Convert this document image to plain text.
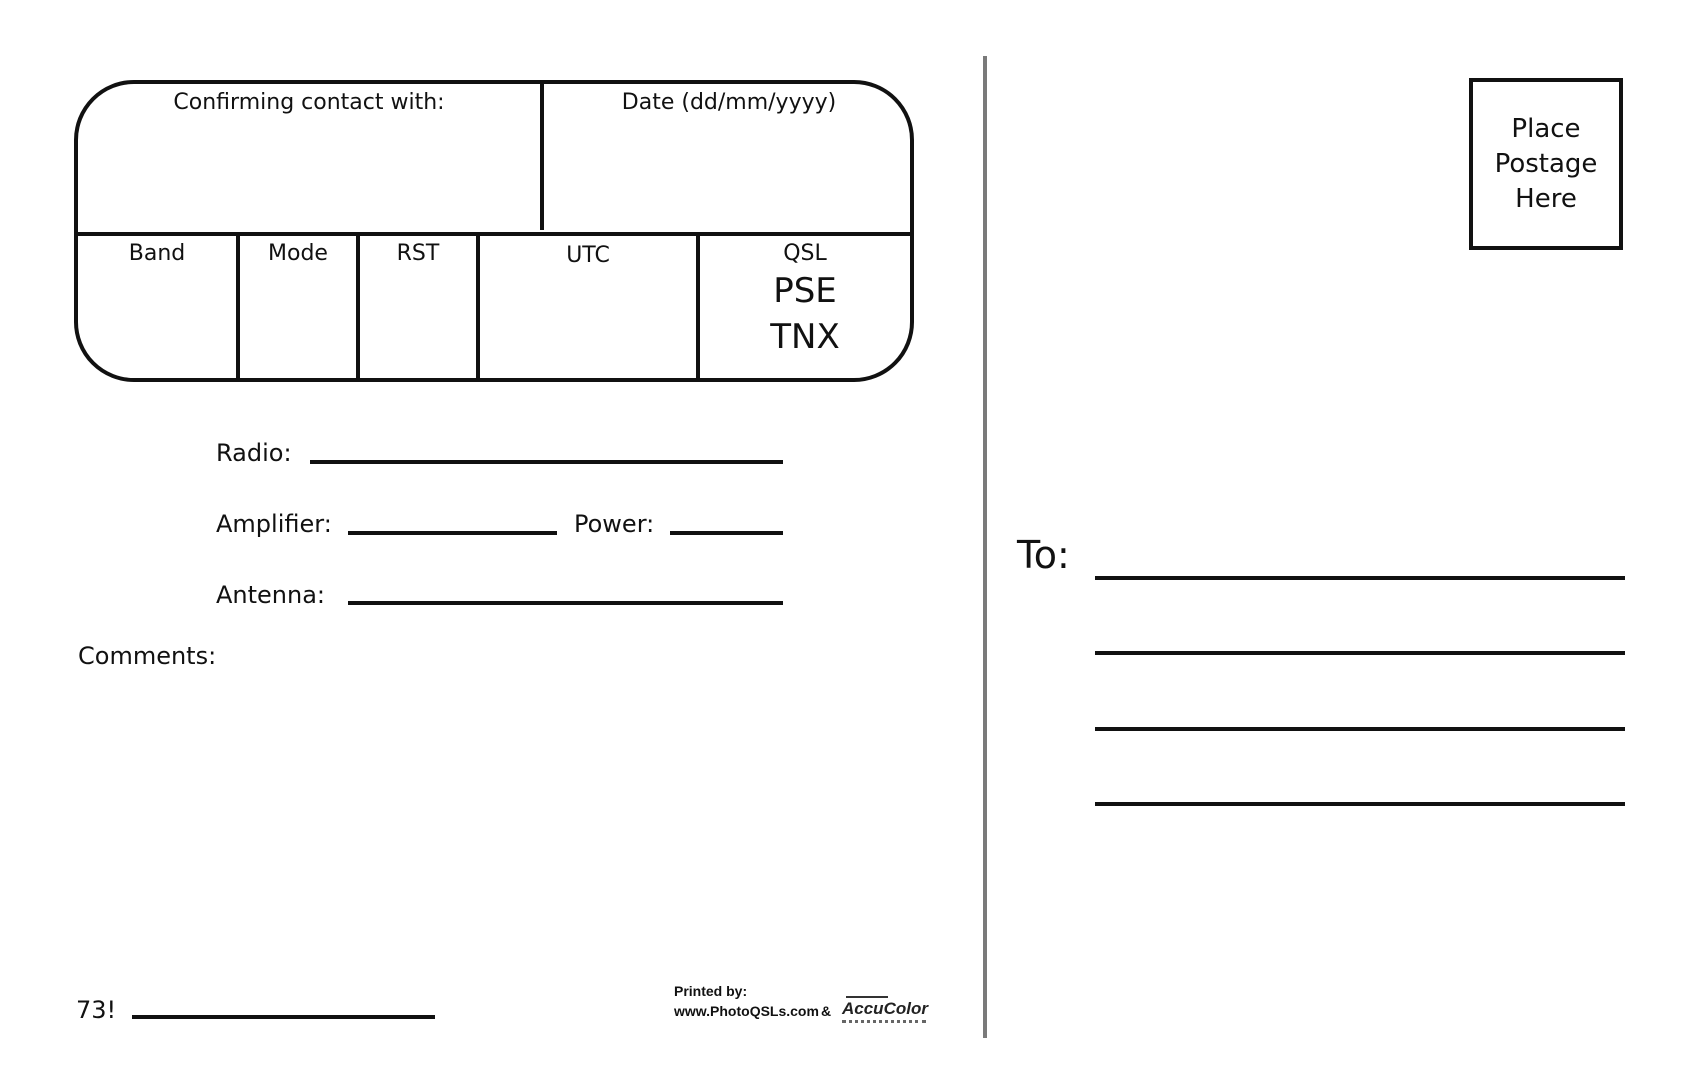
Confirming contact with:	Date (dd/mm/yyyy)
Band	Mode	RST	UTC	QSL
PSE
TNX
Radio:
Amplifier:	Power:
Antenna:
Comments:
73!
Printed by:
www.PhotoQSLs.com & AccuColor
Place
Postage
Here
To:
